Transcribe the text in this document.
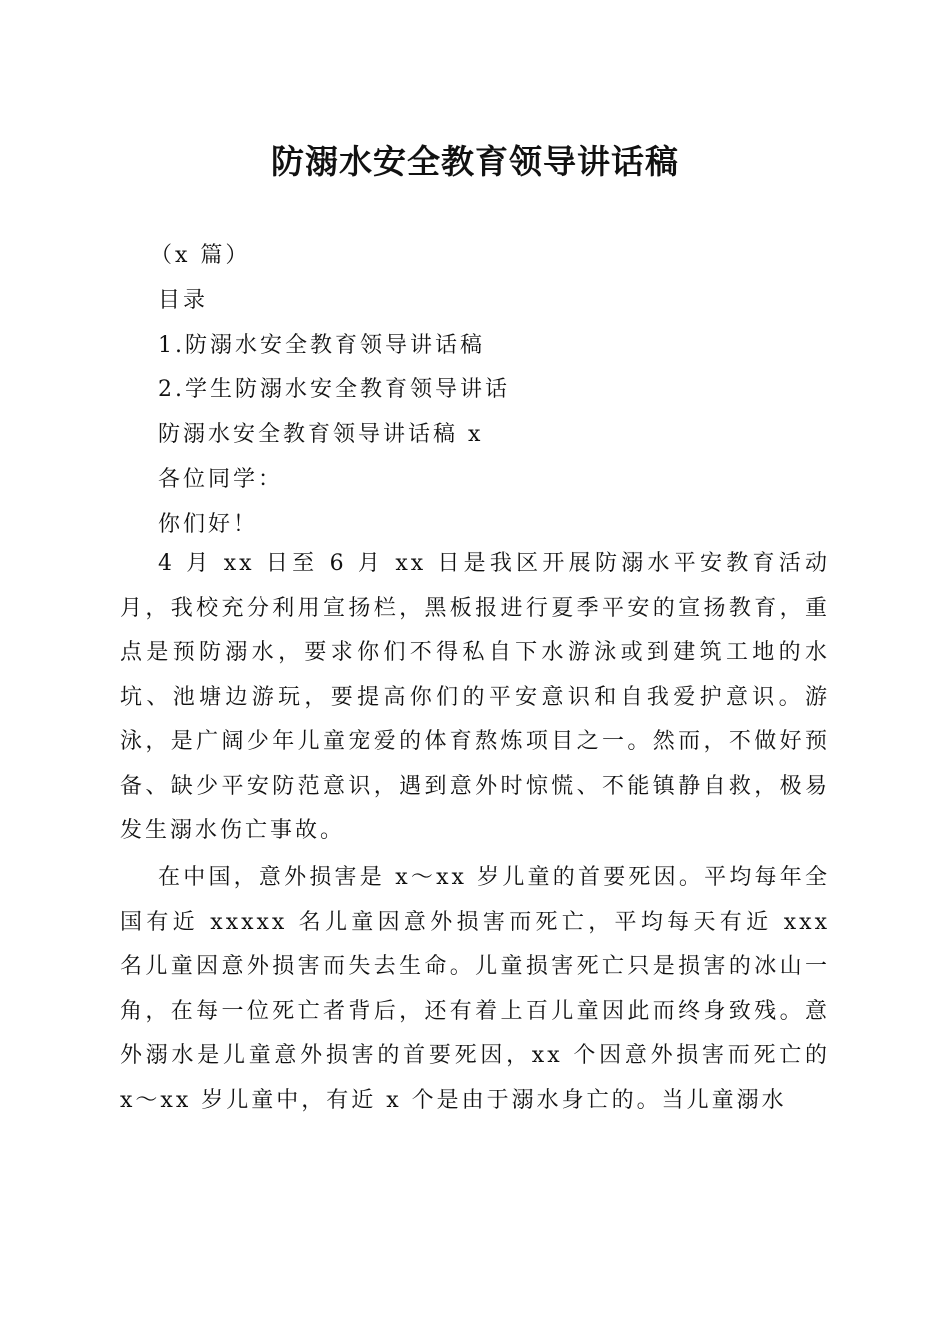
防溺水安全教育领导讲话稿

（x 篇）

目录

1.防溺水安全教育领导讲话稿

2.学生防溺水安全教育领导讲话

防溺水安全教育领导讲话稿 x

各位同学：

你们好！

4 月 xx 日至 6 月 xx 日是我区开展防溺水平安教育活动月，我校充分利用宣扬栏，黑板报进行夏季平安的宣扬教育，重点是预防溺水，要求你们不得私自下水游泳或到建筑工地的水坑、池塘边游玩，要提高你们的平安意识和自我爱护意识。游泳，是广阔少年儿童宠爱的体育熬炼项目之一。然而，不做好预备、缺少平安防范意识，遇到意外时惊慌、不能镇静自救，极易发生溺水伤亡事故。

在中国，意外损害是 x～xx 岁儿童的首要死因。平均每年全国有近 xxxxx 名儿童因意外损害而死亡，平均每天有近 xxx 名儿童因意外损害而失去生命。儿童损害死亡只是损害的冰山一角，在每一位死亡者背后，还有着上百儿童因此而终身致残。意外溺水是儿童意外损害的首要死因，xx 个因意外损害而死亡的 x～xx 岁儿童中，有近 x 个是由于溺水身亡的。当儿童溺水
